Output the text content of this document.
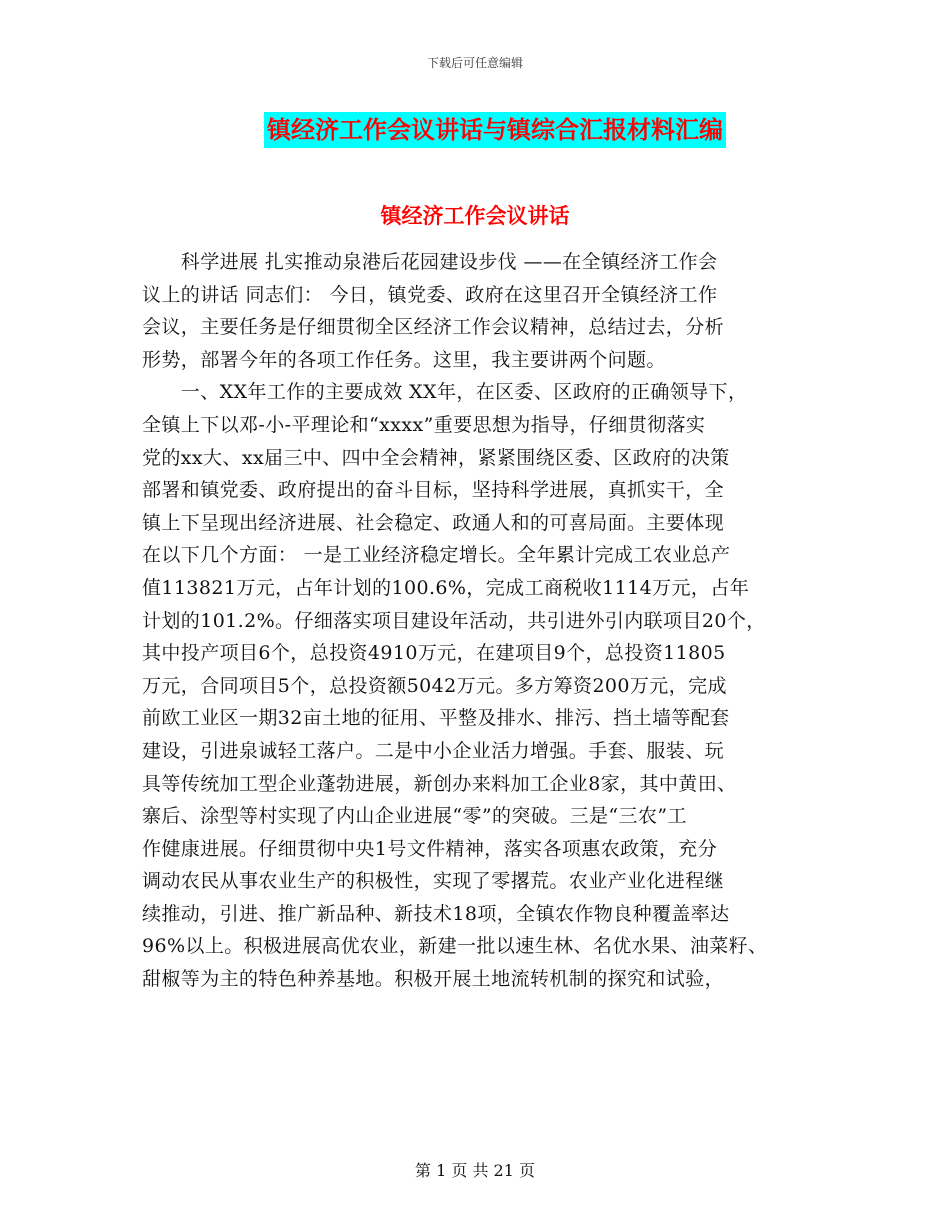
下载后可任意编辑
镇经济工作会议讲话与镇综合汇报材料汇编
镇经济工作会议讲话
　　科学进展 扎实推动泉港后花园建设步伐 ——在全镇经济工作会
议上的讲话 同志们： 今日，镇党委、政府在这里召开全镇经济工作
会议，主要任务是仔细贯彻全区经济工作会议精神，总结过去，分析
形势，部署今年的各项工作任务。这里，我主要讲两个问题。
　　一、XX年工作的主要成效 XX年，在区委、区政府的正确领导下，
全镇上下以邓-小-平理论和“xxxx”重要思想为指导，仔细贯彻落实
党的xx大、xx届三中、四中全会精神，紧紧围绕区委、区政府的决策
部署和镇党委、政府提出的奋斗目标，坚持科学进展，真抓实干，全
镇上下呈现出经济进展、社会稳定、政通人和的可喜局面。主要体现
在以下几个方面： 一是工业经济稳定增长。全年累计完成工农业总产
值113821万元，占年计划的100.6%，完成工商税收1114万元，占年
计划的101.2%。仔细落实项目建设年活动，共引进外引内联项目20个，
其中投产项目6个，总投资4910万元，在建项目9个，总投资11805
万元，合同项目5个，总投资额5042万元。多方筹资200万元，完成
前欧工业区一期32亩土地的征用、平整及排水、排污、挡土墙等配套
建设，引进泉诚轻工落户。二是中小企业活力增强。手套、服装、玩
具等传统加工型企业蓬勃进展，新创办来料加工企业8家，其中黄田、
寨后、涂型等村实现了内山企业进展“零”的突破。三是“三农”工
作健康进展。仔细贯彻中央1号文件精神，落实各项惠农政策，充分
调动农民从事农业生产的积极性，实现了零撂荒。农业产业化进程继
续推动，引进、推广新品种、新技术18项，全镇农作物良种覆盖率达
96%以上。积极进展高优农业，新建一批以速生林、名优水果、油菜籽、
甜椒等为主的特色种养基地。积极开展土地流转机制的探究和试验，
第 1 页 共 21 页
